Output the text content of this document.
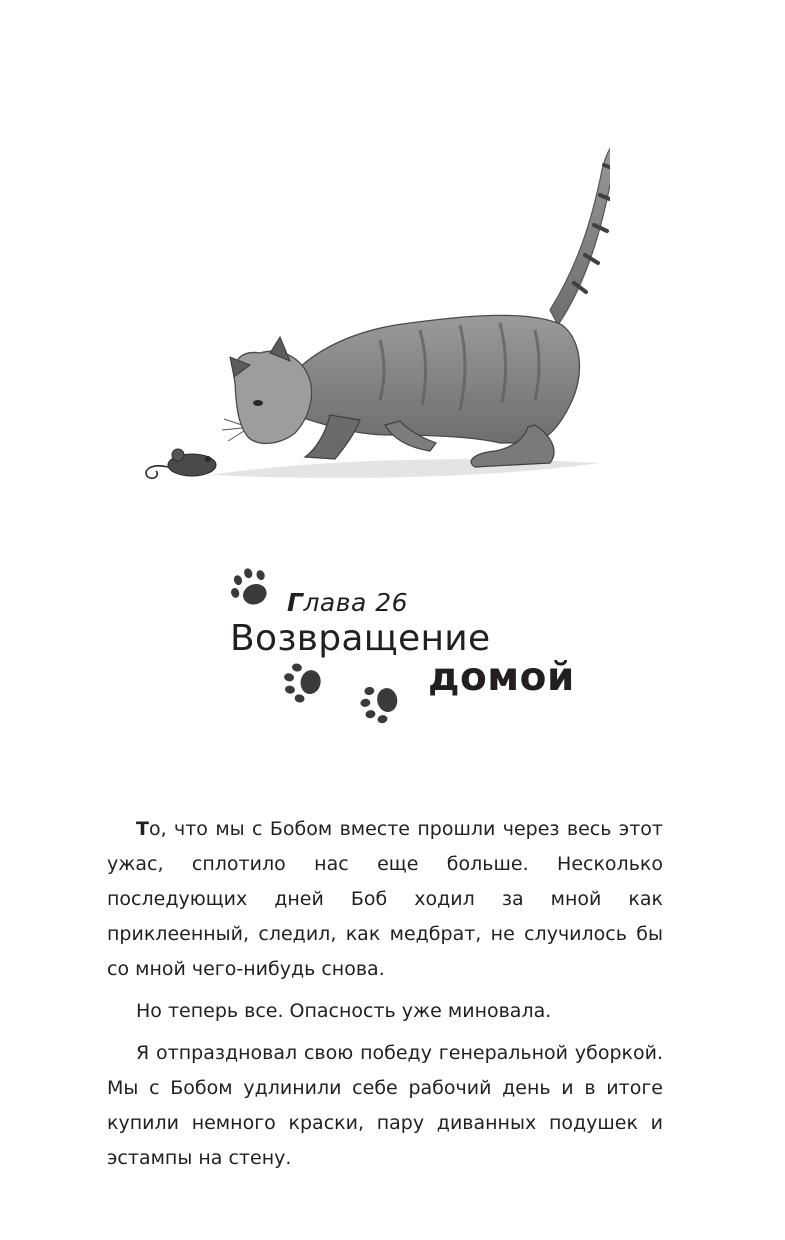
Глава 26
Возвращение
домой

То, что мы с Бобом вместе прошли через весь этот ужас, сплотило нас еще больше. Несколько последующих дней Боб ходил за мной как приклеенный, следил, как медбрат, не случилось бы со мной чего-нибудь снова.

Но теперь все. Опасность уже миновала.

Я отпраздновал свою победу генеральной уборкой. Мы с Бобом удлинили себе рабочий день и в итоге купили немного краски, пару диванных подушек и эстампы на стену.
